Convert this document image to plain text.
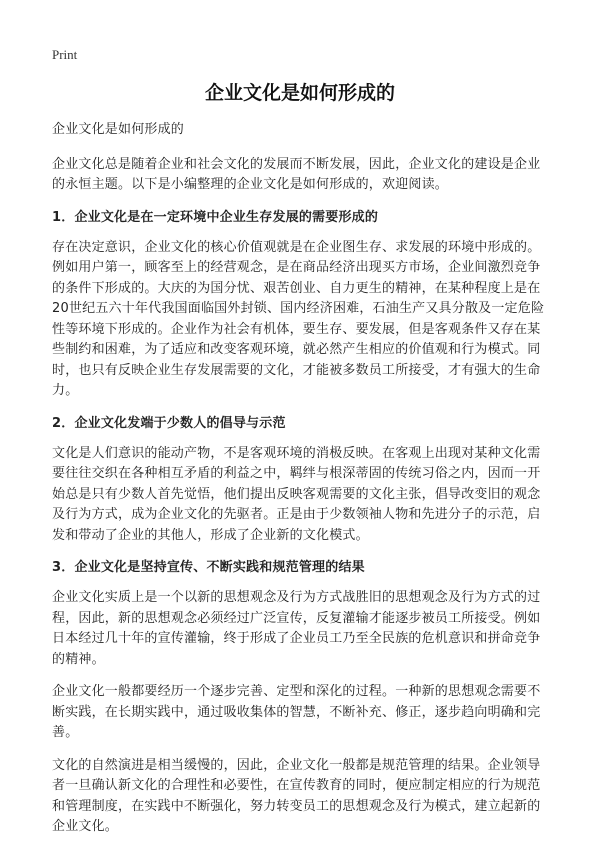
Print
企业文化是如何形成的

企业文化是如何形成的

企业文化总是随着企业和社会文化的发展而不断发展，因此，企业文化的建设是企业的永恒主题。以下是小编整理的企业文化是如何形成的，欢迎阅读。

1．企业文化是在一定环境中企业生存发展的需要形成的

存在决定意识，企业文化的核心价值观就是在企业图生存、求发展的环境中形成的。例如用户第一，顾客至上的经营观念，是在商品经济出现买方市场，企业间激烈竞争的条件下形成的。大庆的为国分忧、艰苦创业、自力更生的精神，在某种程度上是在20世纪五六十年代我国面临国外封锁、国内经济困难，石油生产又具分散及一定危险性等环境下形成的。企业作为社会有机体，要生存、要发展，但是客观条件又存在某些制约和困难，为了适应和改变客观环境，就必然产生相应的价值观和行为模式。同时，也只有反映企业生存发展需要的文化，才能被多数员工所接受，才有强大的生命力。

2．企业文化发端于少数人的倡导与示范

文化是人们意识的能动产物，不是客观环境的消极反映。在客观上出现对某种文化需要往往交织在各种相互矛盾的利益之中，羁绊与根深蒂固的传统习俗之内，因而一开始总是只有少数人首先觉悟，他们提出反映客观需要的文化主张，倡导改变旧的观念及行为方式，成为企业文化的先驱者。正是由于少数领袖人物和先进分子的示范，启发和带动了企业的其他人，形成了企业新的文化模式。

3．企业文化是坚持宣传、不断实践和规范管理的结果

企业文化实质上是一个以新的思想观念及行为方式战胜旧的思想观念及行为方式的过程，因此，新的思想观念必须经过广泛宣传，反复灌输才能逐步被员工所接受。例如日本经过几十年的宣传灌输，终于形成了企业员工乃至全民族的危机意识和拼命竞争的精神。

企业文化一般都要经历一个逐步完善、定型和深化的过程。一种新的思想观念需要不断实践，在长期实践中，通过吸收集体的智慧，不断补充、修正，逐步趋向明确和完善。

文化的自然演进是相当缓慢的，因此，企业文化一般都是规范管理的结果。企业领导者一旦确认新文化的合理性和必要性，在宣传教育的同时，便应制定相应的行为规范和管理制度，在实践中不断强化，努力转变员工的思想观念及行为模式，建立起新的企业文化。
